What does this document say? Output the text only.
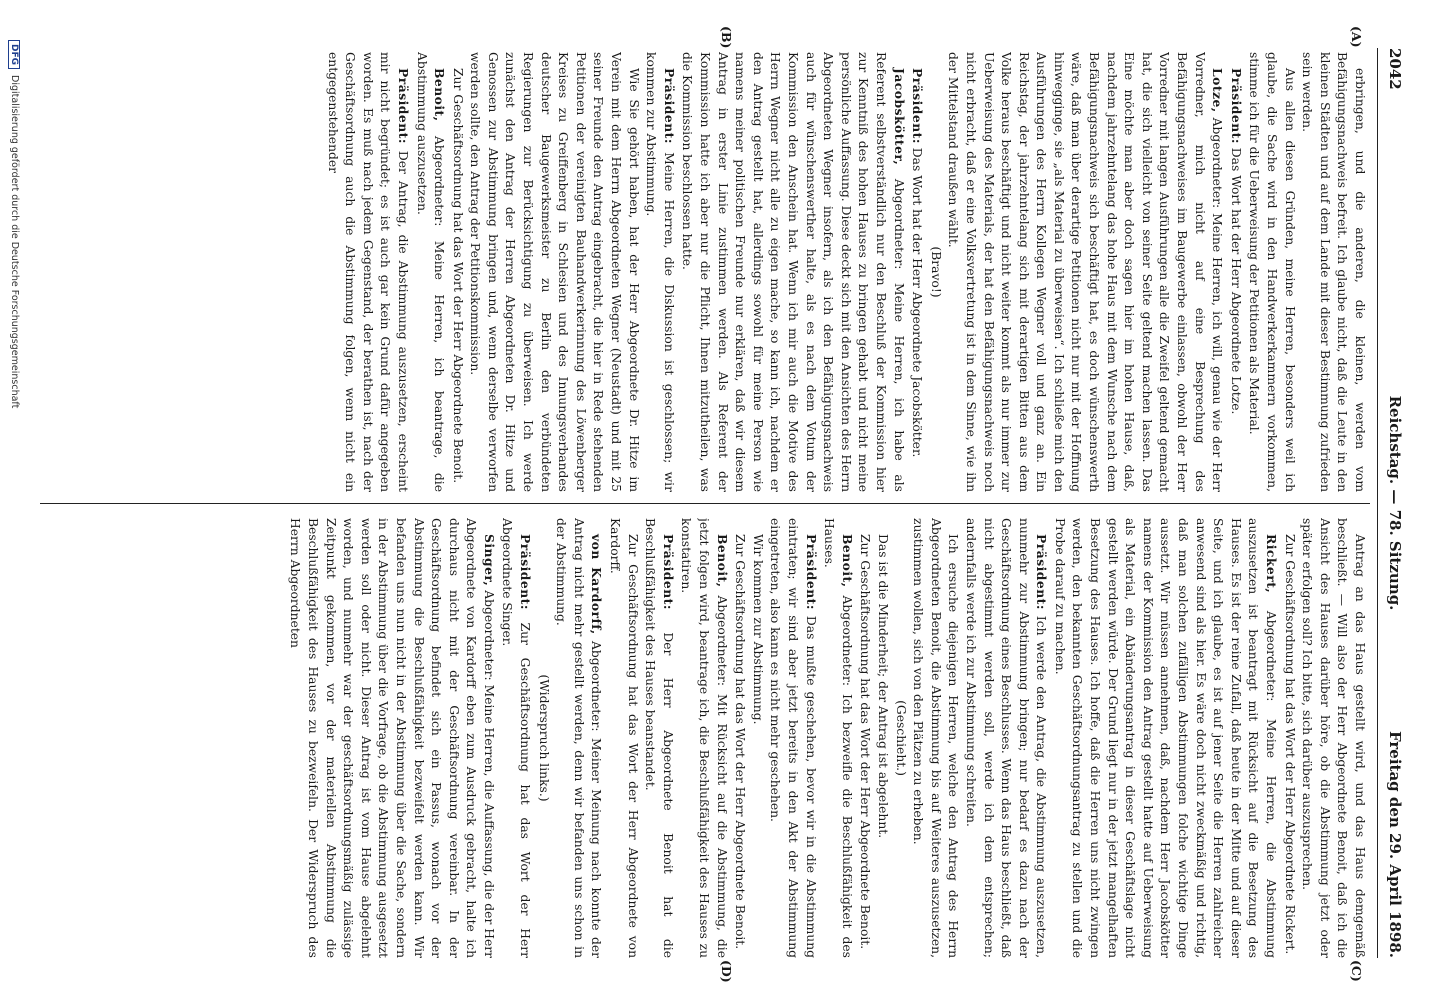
2042
Reichstag. — 78. Sitzung.
Freitag den 29. April 1898.
(A)
(B)
(C)
(D)

erbringen, und die anderen, die kleinen, werden vom Befähigungsnachweis befreit. Ich glaube nicht, daß die Leute in den kleinen Städten und auf dem Lande mit dieser Bestimmung zufrieden sein werden.

Aus allen diesen Gründen, meine Herren, besonders weil ich glaube, die Sache wird in den Handwerkerkammern vorkommen, stimme ich für die Ueberweisung der Petitionen als Material.

Präsident: Das Wort hat der Herr Abgeordnete Lotze.

Lotze, Abgeordneter: Meine Herren, ich will, genau wie der Herr Vorredner, mich nicht auf eine Besprechung des Befähigungsnachweises im Baugewerbe einlassen, obwohl der Herr Vorredner mit langen Ausführungen alle die Zweifel geltend gemacht hat, die sich vielleicht von seiner Seite geltend machen lassen. Das Eine möchte man aber doch sagen hier im hohen Hause, daß, nachdem jahrzehntelang das hohe Haus mit dem Wunsche nach dem Befähigungsnachweis sich beschäftigt hat, es doch wünschenswerth wäre, daß man über derartige Petitionen nicht nur mit der Hoffnung hinwegginge, sie „als Material zu überweisen“. Ich schließe mich den Ausführungen des Herrn Kollegen Wegner voll und ganz an. Ein Reichstag, der jahrzehntelang sich mit derartigen Bitten aus dem Volke heraus beschäftigt und nicht weiter kommt als nur immer zur Ueberweisung des Materials, der hat den Befähigungsnachweis noch nicht erbracht, daß er eine Volksvertretung ist in dem Sinne, wie ihn der Mittelstand draußen wählt.

(Bravo!)

Präsident: Das Wort hat der Herr Abgeordnete Jacobskötter.

Jacobskötter, Abgeordneter: Meine Herren, ich habe als Referent selbstverständlich nur den Beschluß der Kommission hier zur Kenntniß des hohen Hauses zu bringen gehabt und nicht meine persönliche Auffassung. Diese deckt sich mit den Ansichten des Herrn Abgeordneten Wegner insofern, als ich den Befähigungsnachweis auch für wünschenswerther halte, als es nach dem Votum der Kommission den Anschein hat. Wenn ich mir auch die Motive des Herrn Wegner nicht alle zu eigen mache, so kann ich, nachdem er den Antrag gestellt hat, allerdings sowohl für meine Person wie namens meiner politischen Freunde nur erklären, daß wir diesem Antrag in erster Linie zustimmen werden. Als Referent der Kommission hatte ich aber nur die Pflicht, Ihnen mitzutheilen, was die Kommission beschlossen hatte.

Präsident: Meine Herren, die Diskussion ist geschlossen; wir kommen zur Abstimmung.

Wie Sie gehört haben, hat der Herr Abgeordnete Dr. Hitze im Verein mit dem Herrn Abgeordneten Wegner (Neustadt) und mit 25 seiner Freunde den Antrag eingebracht, die hier in Rede stehenden Petitionen der vereinigten Bauhandwerkerinnung des Löwenberger Kreises zu Greiffenberg in Schlesien und des Innungsverbandes deutscher Baugewerksmeister zu Berlin den verbündeten Regierungen zur Berücksichtigung zu überweisen. Ich werde zunächst den Antrag der Herren Abgeordneten Dr. Hitze und Genossen zur Abstimmung bringen und, wenn derselbe verworfen werden sollte, den Antrag der Petitionskommission.

Zur Geschäftsordnung hat das Wort der Herr Abgeordnete Benoit.

Benoit, Abgeordneter: Meine Herren, ich beantrage, die Abstimmung auszusetzen.

Präsident: Der Antrag, die Abstimmung auszusetzen, erscheint mir nicht begründet; es ist auch gar kein Grund dafür angegeben worden. Es muß nach jedem Gegenstand, der berathen ist, nach der Geschäftsordnung auch die Abstimmung folgen, wenn nicht ein entgegenstehender

Antrag an das Haus gestellt wird, und das Haus demgemäß beschließt. — Will also der Herr Abgeordnete Benoit, daß ich die Ansicht des Hauses darüber höre, ob die Abstimmung jetzt oder später erfolgen soll? Ich bitte, sich darüber auszusprechen.

Zur Geschäftsordnung hat das Wort der Herr Abgeordnete Rickert.

Rickert, Abgeordneter: Meine Herren, die Abstimmung auszusetzen ist beantragt mit Rücksicht auf die Besetzung des Hauses. Es ist der reine Zufall, daß heute in der Mitte und auf dieser Seite, und ich glaube, es ist auf jener Seite die Herren zahlreicher anwesend sind als hier. Es wäre doch nicht zweckmäßig und richtig, daß man solchen zufälligen Abstimmungen folche wichtige Dinge aussetzt. Wir müssen annehmen, daß, nachdem Herr Jacobskötter namens der Kommission den Antrag gestellt hatte auf Ueberweisung als Material, ein Abänderungsantrag in dieser Geschäftslage nicht gestellt werden würde. Der Grund liegt nur in der jetzt mangelhaften Besetzung des Hauses. Ich hoffe, daß die Herren uns nicht zwingen werden, den bekannten Geschäftsordnungsantrag zu stellen und die Probe darauf zu machen.

Präsident: Ich werde den Antrag, die Abstimmung auszusetzen, nunmehr zur Abstimmung bringen; nur bedarf es dazu nach der Geschäftsordnung eines Beschlusses. Wenn das Haus beschließt, daß nicht abgestimmt werden soll, werde ich dem entsprechen; andernfalls werde ich zur Abstimmung schreiten.

Ich ersuche diejenigen Herren, welche den Antrag des Herrn Abgeordneten Benoit, die Abstimmung bis auf Weiteres auszusetzen, zustimmen wollen, sich von den Plätzen zu erheben.

(Geschieht.)

Das ist die Minderheit; der Antrag ist abgelehnt.

Zur Geschäftsordnung hat das Wort der Herr Abgeordnete Benoit.

Benoit, Abgeordneter: Ich bezweifle die Beschlußfähigkeit des Hauses.

Präsident: Das mußte geschehen, bevor wir in die Abstimmung eintraten; wir sind aber jetzt bereits in den Akt der Abstimmung eingetreten, also kann es nicht mehr geschehen.

Wir kommen zur Abstimmung.

Zur Geschäftsordnung hat das Wort der Herr Abgeordnete Benoit.

Benoit, Abgeordneter: Mit Rücksicht auf die Abstimmung, die jetzt folgen wird, beantrage ich, die Beschlußfähigkeit des Hauses zu konstatiren.

Präsident: Der Herr Abgeordnete Benoit hat die Beschlußfähigkeit des Hauses beanstandet.

Zur Geschäftsordnung hat das Wort der Herr Abgeordnete von Kardorff.

von Kardorff, Abgeordneter: Meiner Meinung nach konnte der Antrag nicht mehr gestellt werden, denn wir befanden uns schon in der Abstimmung.

(Widerspruch links.)

Präsident: Zur Geschäftsordnung hat das Wort der Herr Abgeordnete Singer.

Singer, Abgeordneter: Meine Herren, die Auffassung, die der Herr Abgeordnete von Kardorff eben zum Ausdruck gebracht, halte ich durchaus nicht mit der Geschäftsordnung vereinbar. In der Geschäftsordnung befindet sich ein Passus, wonach vor der Abstimmung die Beschlußfähigkeit bezweifelt werden kann. Wir befanden uns nun nicht in der Abstimmung über die Sache, sondern in der Abstimmung über die Vorfrage, ob die Abstimmung ausgesetzt werden soll oder nicht. Dieser Antrag ist vom Hause abgelehnt worden, und nunmehr war der geschäftsordnungsmäßig zulässige Zeitpunkt gekommen, vor der materiellen Abstimmung die Beschlußfähigkeit des Hauses zu bezweifeln. Der Widerspruch des Herrn Abgeordneten

DFGDigitalisierung gefördert durch die Deutsche Forschungsgemeinschaft
